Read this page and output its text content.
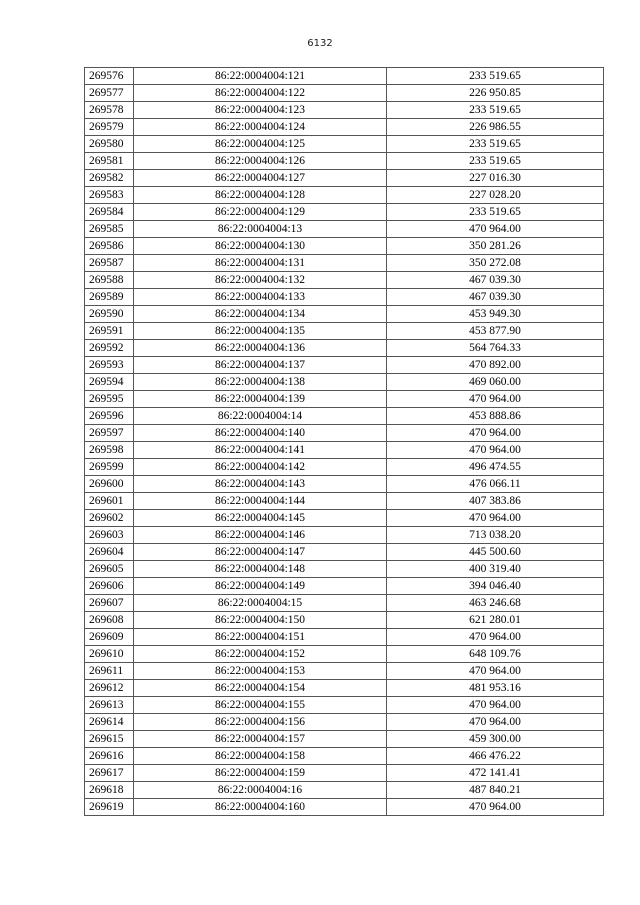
6132
269576	86:22:0004004:121	233 519.65
269577	86:22:0004004:122	226 950.85
269578	86:22:0004004:123	233 519.65
269579	86:22:0004004:124	226 986.55
269580	86:22:0004004:125	233 519.65
269581	86:22:0004004:126	233 519.65
269582	86:22:0004004:127	227 016.30
269583	86:22:0004004:128	227 028.20
269584	86:22:0004004:129	233 519.65
269585	86:22:0004004:13	470 964.00
269586	86:22:0004004:130	350 281.26
269587	86:22:0004004:131	350 272.08
269588	86:22:0004004:132	467 039.30
269589	86:22:0004004:133	467 039.30
269590	86:22:0004004:134	453 949.30
269591	86:22:0004004:135	453 877.90
269592	86:22:0004004:136	564 764.33
269593	86:22:0004004:137	470 892.00
269594	86:22:0004004:138	469 060.00
269595	86:22:0004004:139	470 964.00
269596	86:22:0004004:14	453 888.86
269597	86:22:0004004:140	470 964.00
269598	86:22:0004004:141	470 964.00
269599	86:22:0004004:142	496 474.55
269600	86:22:0004004:143	476 066.11
269601	86:22:0004004:144	407 383.86
269602	86:22:0004004:145	470 964.00
269603	86:22:0004004:146	713 038.20
269604	86:22:0004004:147	445 500.60
269605	86:22:0004004:148	400 319.40
269606	86:22:0004004:149	394 046.40
269607	86:22:0004004:15	463 246.68
269608	86:22:0004004:150	621 280.01
269609	86:22:0004004:151	470 964.00
269610	86:22:0004004:152	648 109.76
269611	86:22:0004004:153	470 964.00
269612	86:22:0004004:154	481 953.16
269613	86:22:0004004:155	470 964.00
269614	86:22:0004004:156	470 964.00
269615	86:22:0004004:157	459 300.00
269616	86:22:0004004:158	466 476.22
269617	86:22:0004004:159	472 141.41
269618	86:22:0004004:16	487 840.21
269619	86:22:0004004:160	470 964.00
